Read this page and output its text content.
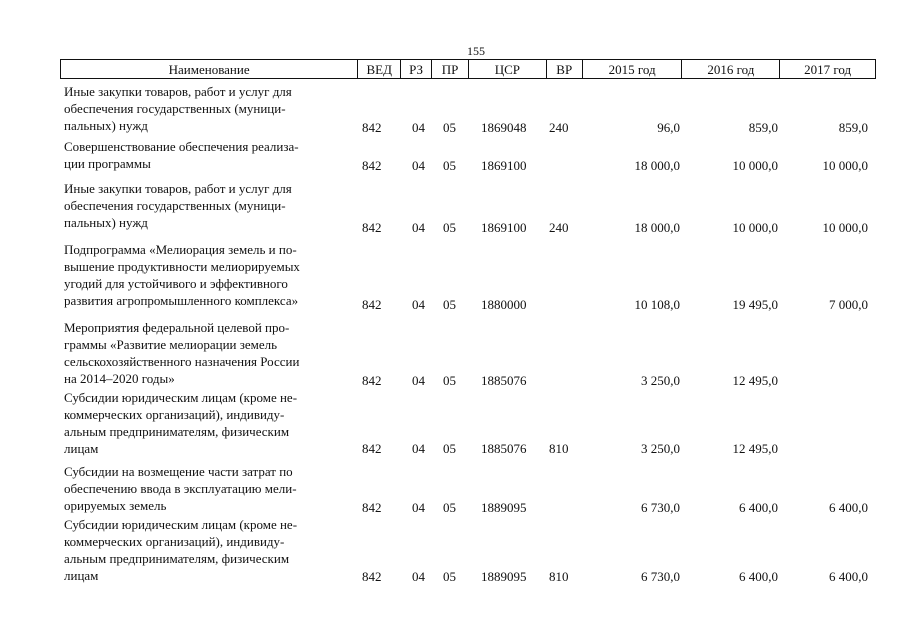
155
Наименование	ВЕД	РЗ	ПР	ЦСР	ВР	2015 год	2016 год	2017 год
Иные закупки товаров, работ и услуг для
обеспечения государственных (муници-
пальных) нужд	842 04 05 1869048 240	96,0	859,0	859,0
Совершенствование обеспечения реализа-
ции программы	842 04 05 1869100	18 000,0	10 000,0	10 000,0
Иные закупки товаров, работ и услуг для
обеспечения государственных (муници-
пальных) нужд	842 04 05 1869100 240	18 000,0	10 000,0	10 000,0
Подпрограмма «Мелиорация земель и по-
вышение продуктивности мелиорируемых
угодий для устойчивого и эффективного
развития агропромышленного комплекса»	842 04 05 1880000	10 108,0	19 495,0	7 000,0
Мероприятия федеральной целевой про-
граммы «Развитие мелиорации земель
сельскохозяйственного назначения России
на 2014–2020 годы»	842 04 05 1885076	3 250,0	12 495,0
Субсидии юридическим лицам (кроме не-
коммерческих организаций), индивиду-
альным предпринимателям, физическим
лицам	842 04 05 1885076 810	3 250,0	12 495,0
Субсидии на возмещение части затрат по
обеспечению ввода в эксплуатацию мели-
орируемых земель	842 04 05 1889095	6 730,0	6 400,0	6 400,0
Субсидии юридическим лицам (кроме не-
коммерческих организаций), индивиду-
альным предпринимателям, физическим
лицам	842 04 05 1889095 810	6 730,0	6 400,0	6 400,0
